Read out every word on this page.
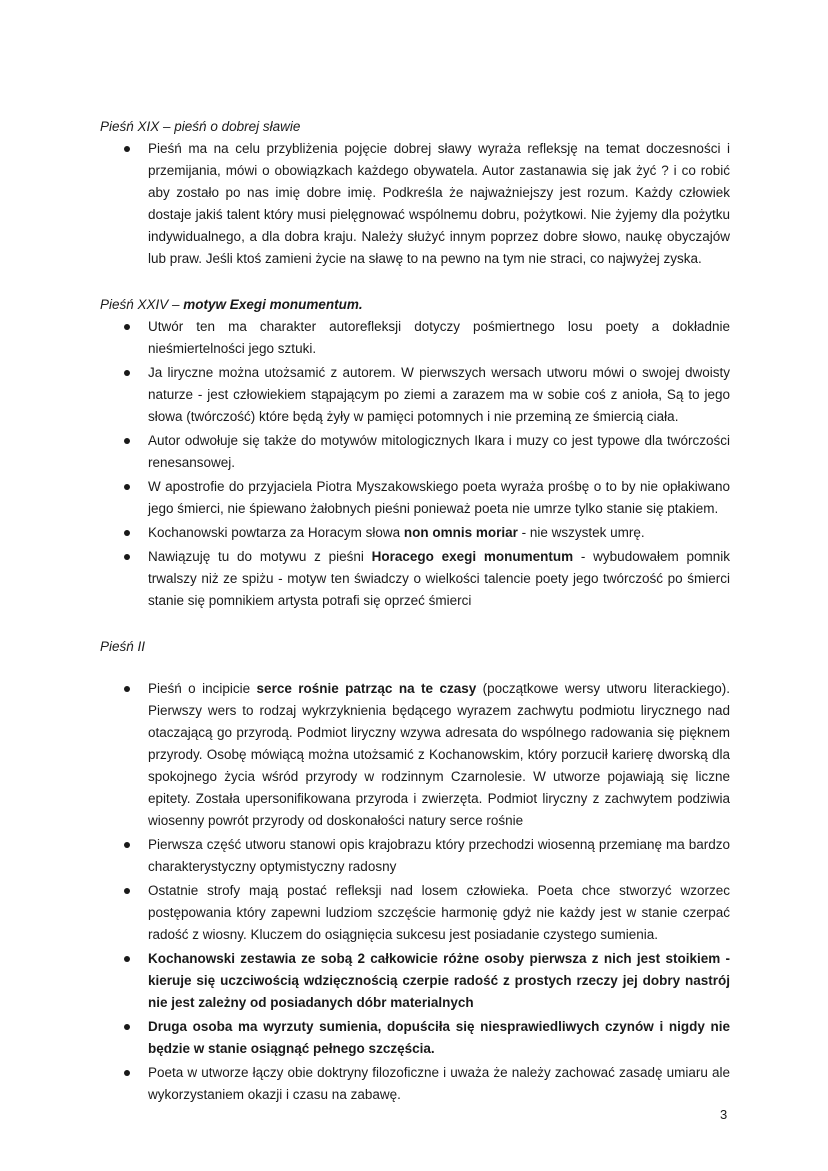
Pieśń XIX – pieśń o dobrej sławie

Pieśń ma na celu przybliżenia pojęcie dobrej sławy wyraża refleksję na temat doczesności i przemijania, mówi o obowiązkach każdego obywatela. Autor zastanawia się jak żyć ? i co robić aby zostało po nas imię dobre imię. Podkreśla że najważniejszy jest rozum. Każdy człowiek dostaje jakiś talent który musi pielęgnować wspólnemu dobru, pożytkowi. Nie żyjemy dla pożytku indywidualnego, a dla dobra kraju. Należy służyć innym poprzez dobre słowo, naukę obyczajów lub praw. Jeśli ktoś zamieni życie na sławę to na pewno na tym nie straci, co najwyżej zyska.

Pieśń XXIV – motyw Exegi monumentum.

Utwór ten ma charakter autorefleksji dotyczy pośmiertnego losu poety a dokładnie nieśmiertelności jego sztuki.
Ja liryczne można utożsamić z autorem. W pierwszych wersach utworu mówi o swojej dwoisty naturze - jest człowiekiem stąpającym po ziemi a zarazem ma w sobie coś z anioła, Są to jego słowa (twórczość) które będą żyły w pamięci potomnych i nie przeminą ze śmiercią ciała.
Autor odwołuje się także do motywów mitologicznych Ikara i muzy co jest typowe dla twórczości renesansowej.
W apostrofie do przyjaciela Piotra Myszakowskiego poeta wyraża prośbę o to by nie opłakiwano jego śmierci, nie śpiewano żałobnych pieśni ponieważ poeta nie umrze tylko stanie się ptakiem.
Kochanowski powtarza za Horacym słowa non omnis moriar - nie wszystek umrę.
Nawiązuję tu do motywu z pieśni Horacego exegi monumentum - wybudowałem pomnik trwalszy niż ze spiżu - motyw ten świadczy o wielkości talencie poety jego twórczość po śmierci stanie się pomnikiem artysta potrafi się oprzeć śmierci

Pieśń II

Pieśń o incipicie serce rośnie patrząc na te czasy (początkowe wersy utworu literackiego). Pierwszy wers to rodzaj wykrzyknienia będącego wyrazem zachwytu podmiotu lirycznego nad otaczającą go przyrodą. Podmiot liryczny wzywa adresata do wspólnego radowania się pięknem przyrody. Osobę mówiącą można utożsamić z Kochanowskim, który porzucił karierę dworską dla spokojnego życia wśród przyrody w rodzinnym Czarnolesie. W utworze pojawiają się liczne epitety. Została upersonifikowana przyroda i zwierzęta. Podmiot liryczny z zachwytem podziwia wiosenny powrót przyrody od doskonałości natury serce rośnie
Pierwsza część utworu stanowi opis krajobrazu który przechodzi wiosenną przemianę ma bardzo charakterystyczny optymistyczny radosny
Ostatnie strofy mają postać refleksji nad losem człowieka. Poeta chce stworzyć wzorzec postępowania który zapewni ludziom szczęście harmonię gdyż nie każdy jest w stanie czerpać radość z wiosny. Kluczem do osiągnięcia sukcesu jest posiadanie czystego sumienia.
Kochanowski zestawia ze sobą 2 całkowicie różne osoby pierwsza z nich jest stoikiem - kieruje się uczciwością wdzięcznością czerpie radość z prostych rzeczy jej dobry nastrój nie jest zależny od posiadanych dóbr materialnych
Druga osoba ma wyrzuty sumienia, dopuściła się niesprawiedliwych czynów i nigdy nie będzie w stanie osiągnąć pełnego szczęścia.
Poeta w utworze łączy obie doktryny filozoficzne i uważa że należy zachować zasadę umiaru ale wykorzystaniem okazji i czasu na zabawę.
3
